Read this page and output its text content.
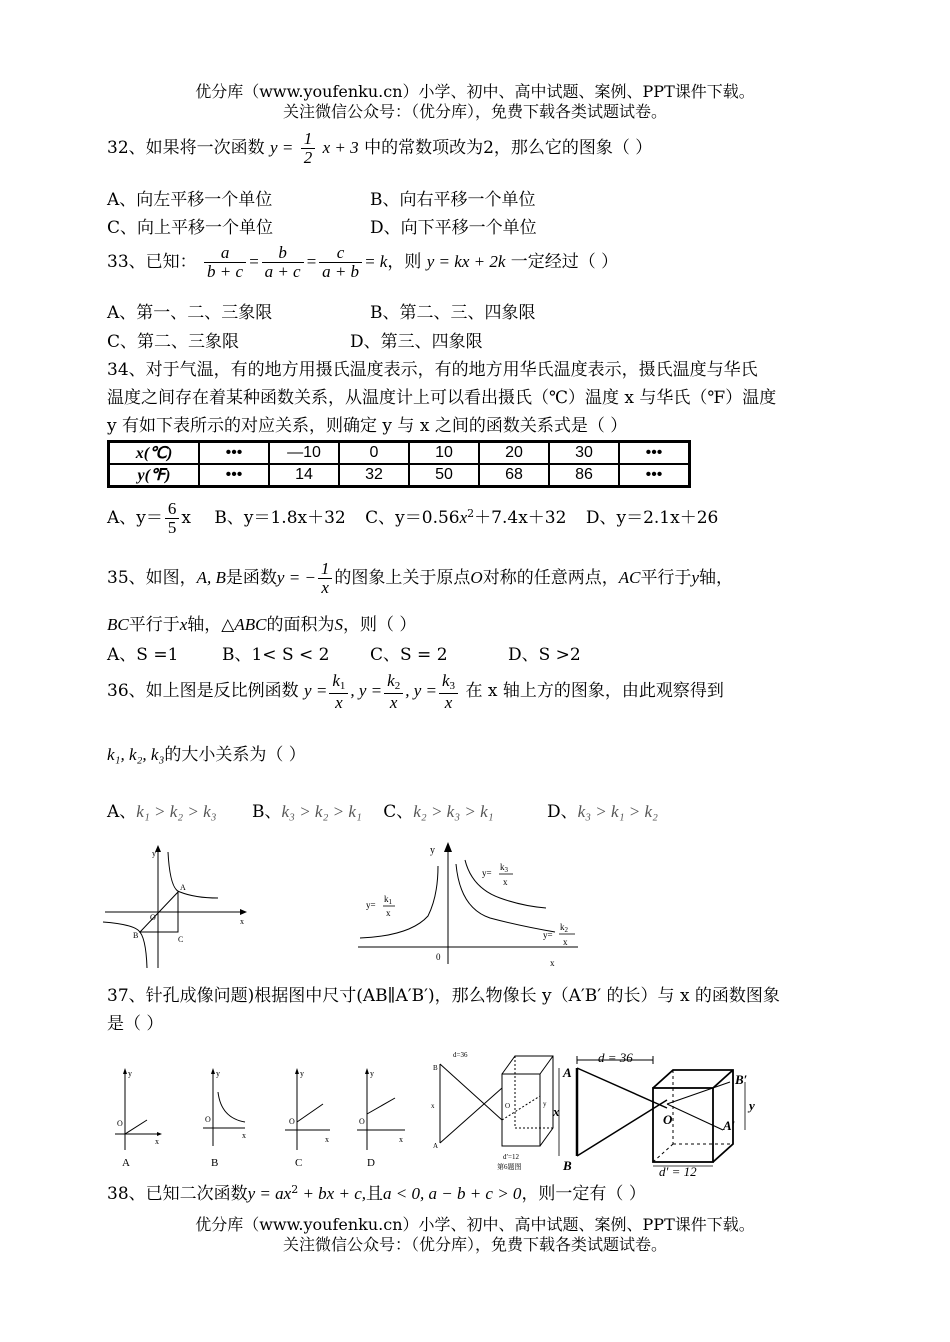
优分库（www.youfenku.cn）小学、初中、高中试题、案例、PPT课件下载。
关注微信公众号：（优分库），免费下载各类试题试卷。
32、如果将一次函数 $y = \frac{1}{2}$ x + 3 中的常数项改为2，那么它的图象（ ）
A、向左平移一个单位	B、向右平移一个单位
C、向上平移一个单位	D、向下平移一个单位
33、已知： $\frac{a}{b + c} = \frac{b}{a + c} = \frac{c}{a + b} = k$，则 y = kx + 2k 一定经过（ ）
A、第一、二、三象限	B、第二、三、四象限
C、第二、三象限	D、第三、四象限
34、对于气温，有的地方用摄氏温度表示，有的地方用华氏温度表示，摄氏温度与华氏
温度之间存在着某种函数关系，从温度计上可以看出摄氏（℃）温度 x 与华氏（℉）温度
y 有如下表所示的对应关系，则确定 y 与 x 之间的函数关系式是（ ）
x(℃)	•••	—10	0	10	20	30	•••
y(℉)	•••	14	32	50	68	86	•••
A、$y= \frac{6}{5}$ x B、y＝1.8x＋32 C、$y=0.56x^2+7.4x+32$ D、y＝2.1x＋26
35、如图，A, B是函数y = − $\frac{1}{x}$ 的图象上关于原点O对称的任意两点，AC平行于y轴，
BC平行于x轴，△ABC的面积为S，则（ ）
A、S =1	B、1< S < 2 C、S = 2	D、S >2
36、如上图是反比例函数 $y = \frac{k_1}{x}$ , $y = \frac{k_2}{x}$ , $y = \frac{k_3}{x}$ 在 x 轴上方的图象，由此观察得到
k₁, k₂, k₃的大小关系为（ ）
A、k₁ > k₂ > k₃ B、k₃ > k₂ > k₁ C、k₂ > k₃ > k₁	D、k₃ > k₁ > k₂
y
x
A
B	C
O
y
x
0
y=
$k_1$
x
y=
$k_3$
x
y=
$k_2$
x
37、针孔成像问题)根据图中尺寸(AB∥A′B′)，那么物像长 y（A′B′ 的长）与 x 的函数图象
是（ ）
y
x
O
A
y
x
O
B
y
x
O
C
y
x
O
D
d=36
d′=12
第6题图
B
A
O
x	y
d = 36
A
B
x
O
B′
A′
y
d′ = 12
38、已知二次函数$y = ax^2$ + bx + c,且a < 0, a − b + c > 0，则一定有（ ）
优分库（www.youfenku.cn）小学、初中、高中试题、案例、PPT课件下载。
关注微信公众号：（优分库），免费下载各类试题试卷。
